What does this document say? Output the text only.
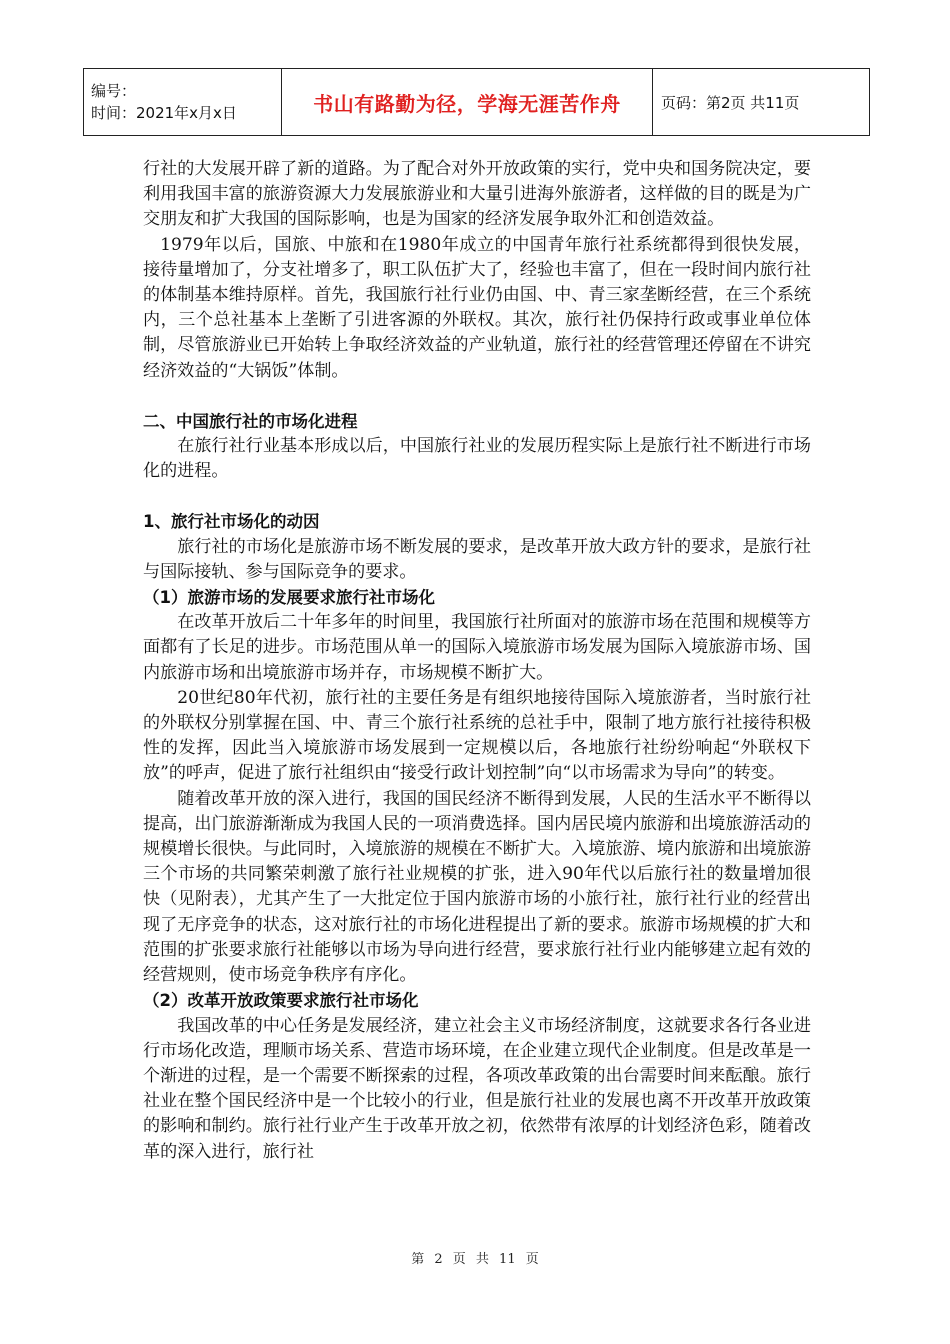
编号：
时间：2021年x月x日	书山有路勤为径，学海无涯苦作舟	页码：第2页 共11页

行社的大发展开辟了新的道路。为了配合对外开放政策的实行，党中央和国务院决定，要利用我国丰富的旅游资源大力发展旅游业和大量引进海外旅游者，这样做的目的既是为广交朋友和扩大我国的国际影响，也是为国家的经济发展争取外汇和创造效益。

1979年以后，国旅、中旅和在1980年成立的中国青年旅行社系统都得到很快发展，接待量增加了，分支社增多了，职工队伍扩大了，经验也丰富了，但在一段时间内旅行社的体制基本维持原样。首先，我国旅行社行业仍由国、中、青三家垄断经营，在三个系统内，三个总社基本上垄断了引进客源的外联权。其次，旅行社仍保持行政或事业单位体制，尽管旅游业已开始转上争取经济效益的产业轨道，旅行社的经营管理还停留在不讲究经济效益的“大锅饭”体制。

二、中国旅行社的市场化进程

在旅行社行业基本形成以后，中国旅行社业的发展历程实际上是旅行社不断进行市场化的进程。

1、旅行社市场化的动因

旅行社的市场化是旅游市场不断发展的要求，是改革开放大政方针的要求，是旅行社与国际接轨、参与国际竞争的要求。

（1）旅游市场的发展要求旅行社市场化

在改革开放后二十年多年的时间里，我国旅行社所面对的旅游市场在范围和规模等方面都有了长足的进步。市场范围从单一的国际入境旅游市场发展为国际入境旅游市场、国内旅游市场和出境旅游市场并存，市场规模不断扩大。

20世纪80年代初，旅行社的主要任务是有组织地接待国际入境旅游者，当时旅行社的外联权分别掌握在国、中、青三个旅行社系统的总社手中，限制了地方旅行社接待积极性的发挥，因此当入境旅游市场发展到一定规模以后，各地旅行社纷纷响起“外联权下放”的呼声，促进了旅行社组织由“接受行政计划控制”向“以市场需求为导向”的转变。

随着改革开放的深入进行，我国的国民经济不断得到发展，人民的生活水平不断得以提高，出门旅游渐渐成为我国人民的一项消费选择。国内居民境内旅游和出境旅游活动的规模增长很快。与此同时，入境旅游的规模在不断扩大。入境旅游、境内旅游和出境旅游三个市场的共同繁荣刺激了旅行社业规模的扩张，进入90年代以后旅行社的数量增加很快（见附表），尤其产生了一大批定位于国内旅游市场的小旅行社，旅行社行业的经营出现了无序竞争的状态，这对旅行社的市场化进程提出了新的要求。旅游市场规模的扩大和范围的扩张要求旅行社能够以市场为导向进行经营，要求旅行社行业内能够建立起有效的经营规则，使市场竞争秩序有序化。

（2）改革开放政策要求旅行社市场化

我国改革的中心任务是发展经济，建立社会主义市场经济制度，这就要求各行各业进行市场化改造，理顺市场关系、营造市场环境，在企业建立现代企业制度。但是改革是一个渐进的过程，是一个需要不断探索的过程，各项改革政策的出台需要时间来酝酿。旅行社业在整个国民经济中是一个比较小的行业，但是旅行社业的发展也离不开改革开放政策的影响和制约。旅行社行业产生于改革开放之初，依然带有浓厚的计划经济色彩，随着改革的深入进行，旅行社

第 2 页 共 11 页
